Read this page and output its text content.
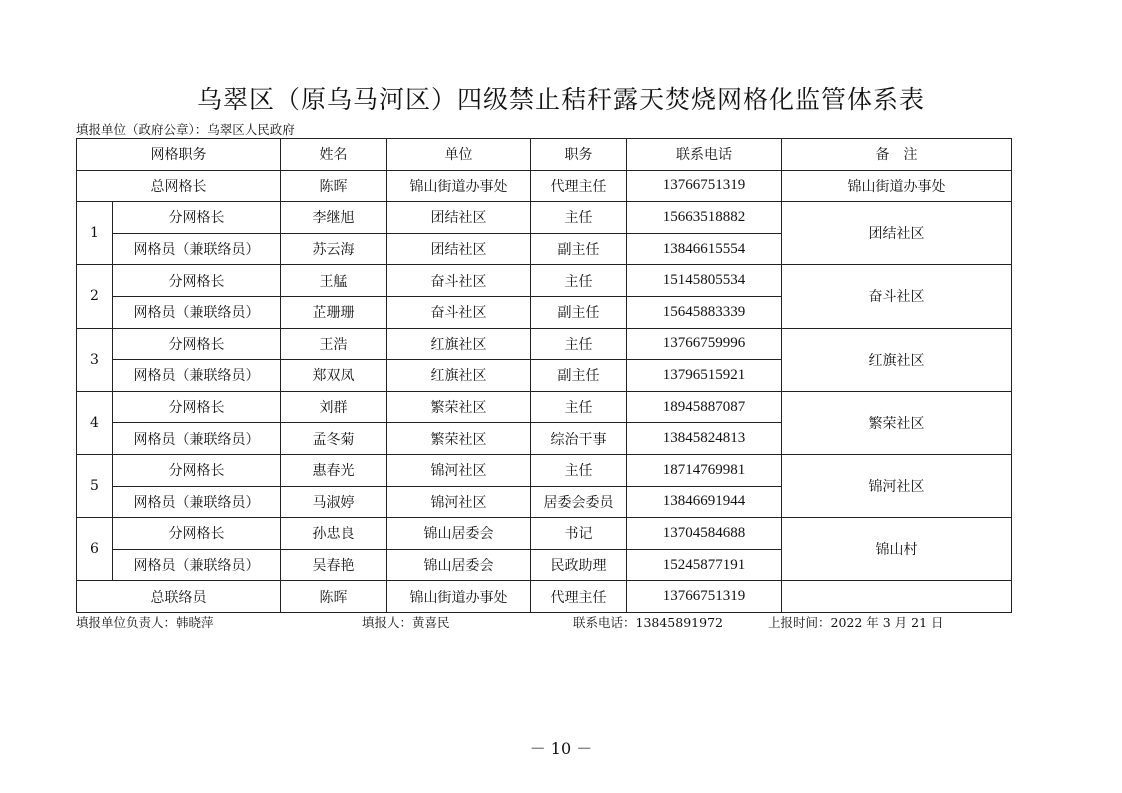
乌翠区（原乌马河区）四级禁止秸秆露天焚烧网格化监管体系表
填报单位（政府公章）：乌翠区人民政府
网格职务		姓名	单位	职务	联系电话	备　注
总网格长		陈晖	锦山街道办事处	代理主任	13766751319	锦山街道办事处
1	分网格长	李继旭	团结社区	主任	15663518882	团结社区
	网格员（兼联络员）	苏云海	团结社区	副主任	13846615554	
2	分网格长	王艋	奋斗社区	主任	15145805534	奋斗社区
	网格员（兼联络员）	芷珊珊	奋斗社区	副主任	15645883339	
3	分网格长	王浩	红旗社区	主任	13766759996	红旗社区
	网格员（兼联络员）	郑双凤	红旗社区	副主任	13796515921	
4	分网格长	刘群	繁荣社区	主任	18945887087	繁荣社区
	网格员（兼联络员）	孟冬菊	繁荣社区	综治干事	13845824813	
5	分网格长	惠春光	锦河社区	主任	18714769981	锦河社区
	网格员（兼联络员）	马淑婷	锦河社区	居委会委员	13846691944	
6	分网格长	孙忠良	锦山居委会	书记	13704584688	锦山村
	网格员（兼联络员）	吴春艳	锦山居委会	民政助理	15245877191	
总联络员		陈晖	锦山街道办事处	代理主任	13766751319	
填报单位负责人：韩晓萍	填报人：黄喜民	联系电话：13845891972	上报时间：2022 年 3 月 21 日
－ 10 －
